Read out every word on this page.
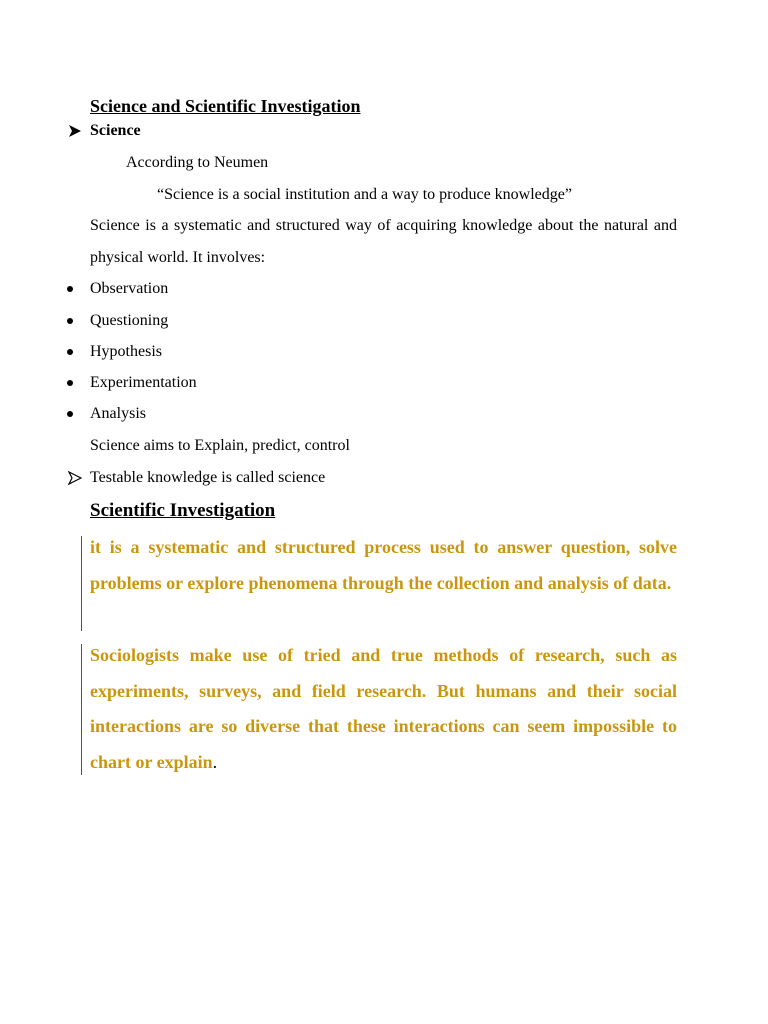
Science and Scientific Investigation
Science
According to Neumen
“Science is a social institution and a way to produce knowledge”
Science is a systematic and structured way of acquiring knowledge about the natural and physical world. It involves:
Observation
Questioning
Hypothesis
Experimentation
Analysis
Science aims to Explain, predict, control
Testable knowledge is called science
Scientific Investigation
it is a systematic and structured process used to answer question, solve problems or explore phenomena through the collection and analysis of data.
Sociologists make use of tried and true methods of research, such as experiments, surveys, and field research. But humans and their social interactions are so diverse that these interactions can seem impossible to chart or explain.
